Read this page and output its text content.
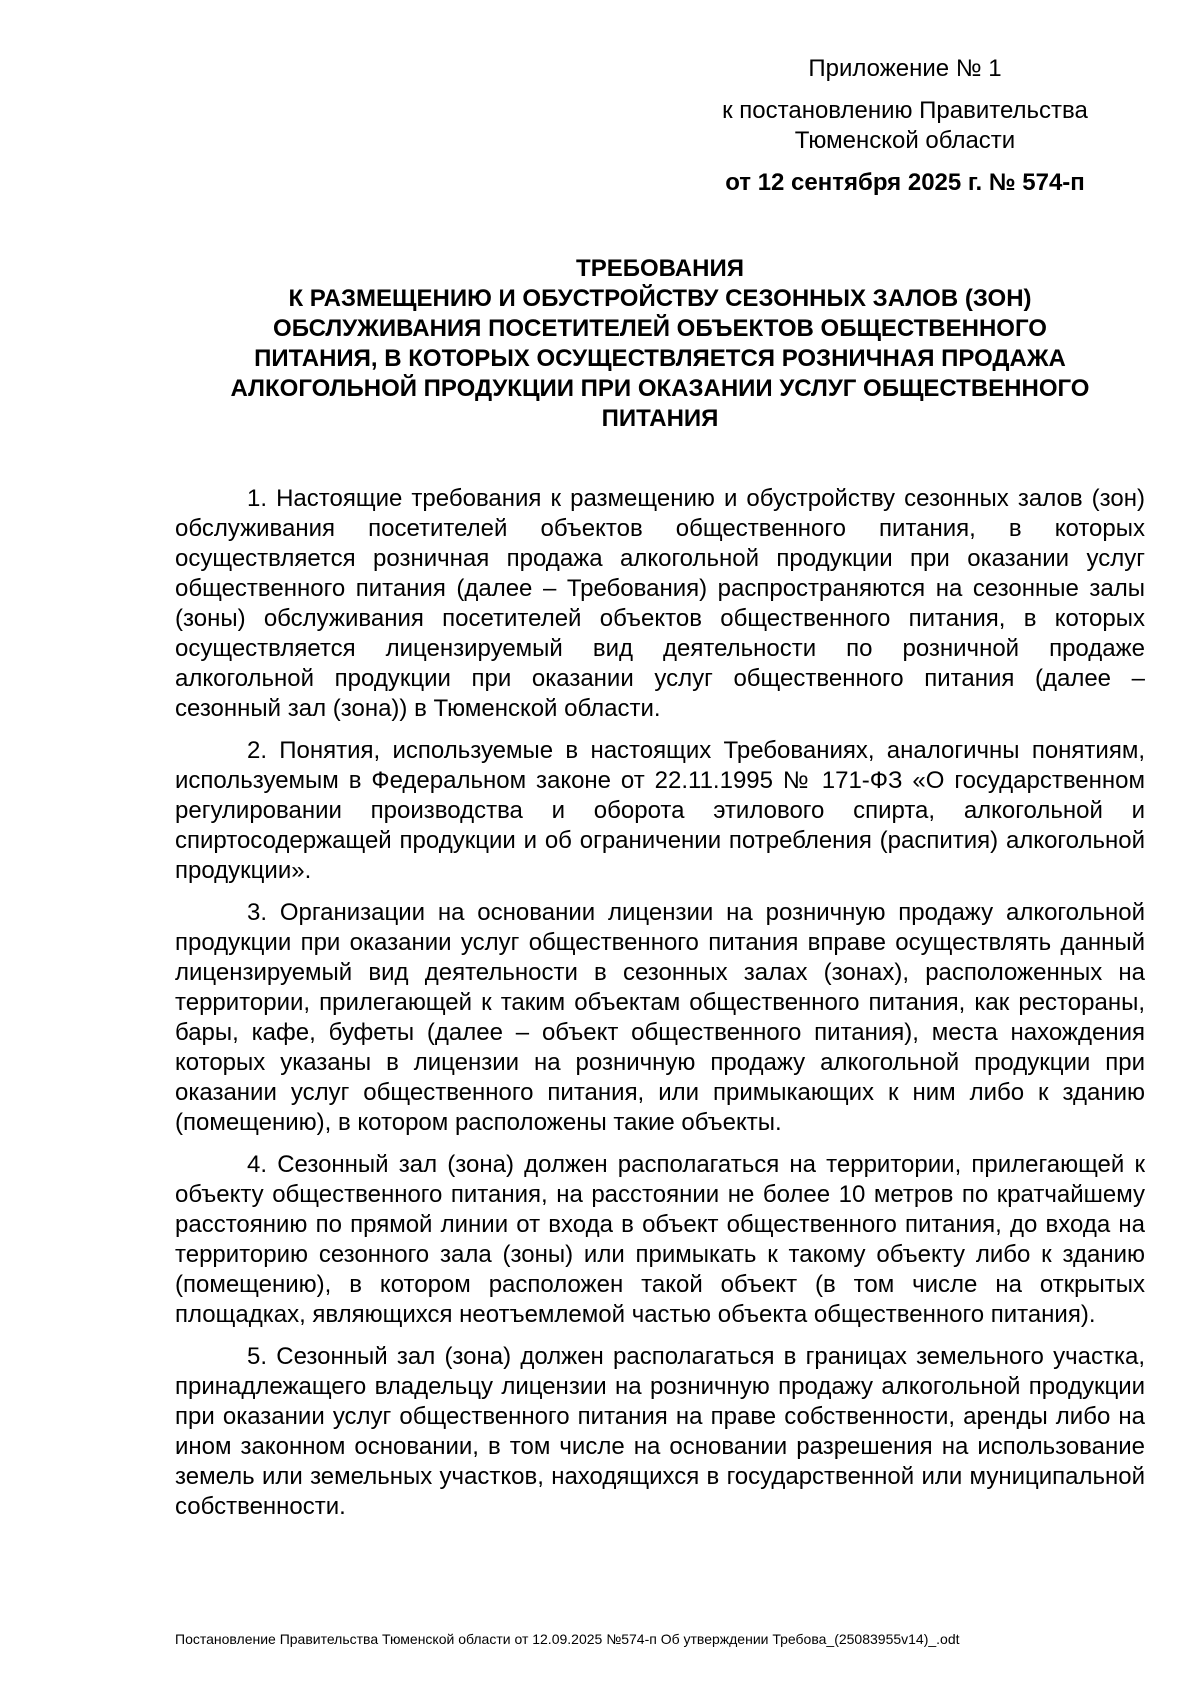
Приложение № 1
к постановлению Правительства
Тюменской области
от 12 сентября 2025 г. № 574-п
ТРЕБОВАНИЯ
К РАЗМЕЩЕНИЮ И ОБУСТРОЙСТВУ СЕЗОННЫХ ЗАЛОВ (ЗОН)
ОБСЛУЖИВАНИЯ ПОСЕТИТЕЛЕЙ ОБЪЕКТОВ ОБЩЕСТВЕННОГО
ПИТАНИЯ, В КОТОРЫХ ОСУЩЕСТВЛЯЕТСЯ РОЗНИЧНАЯ ПРОДАЖА
АЛКОГОЛЬНОЙ ПРОДУКЦИИ ПРИ ОКАЗАНИИ УСЛУГ ОБЩЕСТВЕННОГО
ПИТАНИЯ

1. Настоящие требования к размещению и обустройству сезонных залов (зон) обслуживания посетителей объектов общественного питания, в которых осуществляется розничная продажа алкогольной продукции при оказании услуг общественного питания (далее – Требования) распространяются на сезонные залы (зоны) обслуживания посетителей объектов общественного питания, в которых осуществляется лицензируемый вид деятельности по розничной продаже алкогольной продукции при оказании услуг общественного питания (далее – сезонный зал (зона)) в Тюменской области.

2. Понятия, используемые в настоящих Требованиях, аналогичны понятиям, используемым в Федеральном законе от 22.11.1995 № 171-ФЗ «О государственном регулировании производства и оборота этилового спирта, алкогольной и спиртосодержащей продукции и об ограничении потребления (распития) алкогольной продукции».

3. Организации на основании лицензии на розничную продажу алкогольной продукции при оказании услуг общественного питания вправе осуществлять данный лицензируемый вид деятельности в сезонных залах (зонах), расположенных на территории, прилегающей к таким объектам общественного питания, как рестораны, бары, кафе, буфеты (далее – объект общественного питания), места нахождения которых указаны в лицензии на розничную продажу алкогольной продукции при оказании услуг общественного питания, или примыкающих к ним либо к зданию (помещению), в котором расположены такие объекты.

4. Сезонный зал (зона) должен располагаться на территории, прилегающей к объекту общественного питания, на расстоянии не более 10 метров по кратчайшему расстоянию по прямой линии от входа в объект общественного питания, до входа на территорию сезонного зала (зоны) или примыкать к такому объекту либо к зданию (помещению), в котором расположен такой объект (в том числе на открытых площадках, являющихся неотъемлемой частью объекта общественного питания).

5. Сезонный зал (зона) должен располагаться в границах земельного участка, принадлежащего владельцу лицензии на розничную продажу алкогольной продукции при оказании услуг общественного питания на праве собственности, аренды либо на ином законном основании, в том числе на основании разрешения на использование земель или земельных участков, находящихся в государственной или муниципальной собственности.

Постановление Правительства Тюменской области от 12.09.2025 №574-п Об утверждении Требова_(25083955v14)_.odt
